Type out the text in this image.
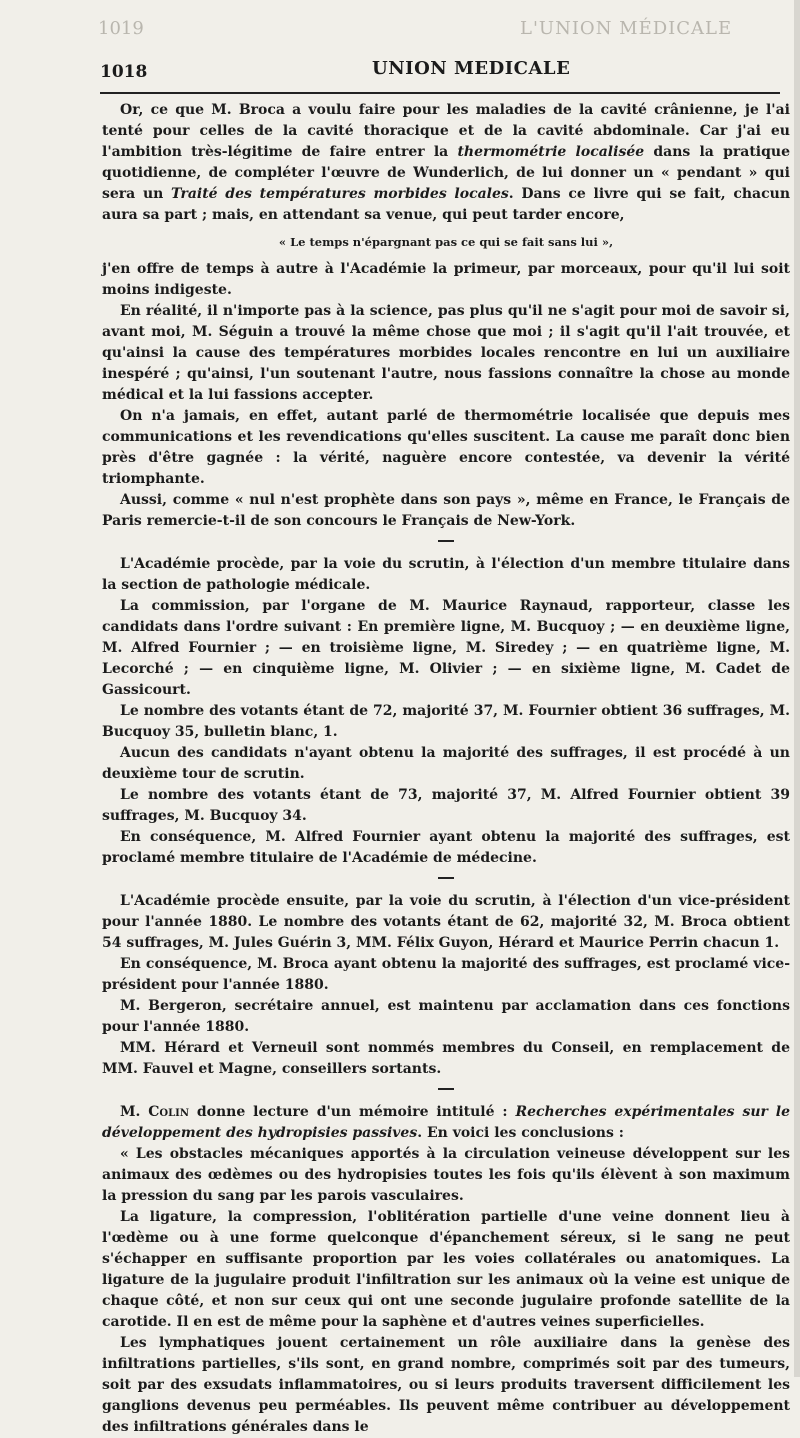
1019	L'UNION MÉDICALE
1018	UNION MEDICALE

Or, ce que M. Broca a voulu faire pour les maladies de la cavité crânienne, je l'ai tenté pour celles de la cavité thoracique et de la cavité abdominale. Car j'ai eu l'ambition très-légitime de faire entrer la thermométrie localisée dans la pratique quotidienne, de compléter l'œuvre de Wunderlich, de lui donner un « pendant » qui sera un Traité des températures morbides locales. Dans ce livre qui se fait, chacun aura sa part ; mais, en attendant sa venue, qui peut tarder encore,

« Le temps n'épargnant pas ce qui se fait sans lui »,

j'en offre de temps à autre à l'Académie la primeur, par morceaux, pour qu'il lui soit moins indigeste.

En réalité, il n'importe pas à la science, pas plus qu'il ne s'agit pour moi de savoir si, avant moi, M. Séguin a trouvé la même chose que moi ; il s'agit qu'il l'ait trouvée, et qu'ainsi la cause des températures morbides locales rencontre en lui un auxiliaire inespéré ; qu'ainsi, l'un soutenant l'autre, nous fassions connaître la chose au monde médical et la lui fassions accepter.

On n'a jamais, en effet, autant parlé de thermométrie localisée que depuis mes communications et les revendications qu'elles suscitent. La cause me paraît donc bien près d'être gagnée : la vérité, naguère encore contestée, va devenir la vérité triomphante.

Aussi, comme « nul n'est prophète dans son pays », même en France, le Français de Paris remercie-t-il de son concours le Français de New-York.

L'Académie procède, par la voie du scrutin, à l'élection d'un membre titulaire dans la section de pathologie médicale.

La commission, par l'organe de M. Maurice Raynaud, rapporteur, classe les candidats dans l'ordre suivant : En première ligne, M. Bucquoy ; — en deuxième ligne, M. Alfred Fournier ; — en troisième ligne, M. Siredey ; — en quatrième ligne, M. Lecorché ; — en cinquième ligne, M. Olivier ; — en sixième ligne, M. Cadet de Gassicourt.

Le nombre des votants étant de 72, majorité 37, M. Fournier obtient 36 suffrages, M. Bucquoy 35, bulletin blanc, 1.

Aucun des candidats n'ayant obtenu la majorité des suffrages, il est procédé à un deuxième tour de scrutin.

Le nombre des votants étant de 73, majorité 37, M. Alfred Fournier obtient 39 suffrages, M. Bucquoy 34.

En conséquence, M. Alfred Fournier ayant obtenu la majorité des suffrages, est proclamé membre titulaire de l'Académie de médecine.

L'Académie procède ensuite, par la voie du scrutin, à l'élection d'un vice-président pour l'année 1880. Le nombre des votants étant de 62, majorité 32, M. Broca obtient 54 suffrages, M. Jules Guérin 3, MM. Félix Guyon, Hérard et Maurice Perrin chacun 1.

En conséquence, M. Broca ayant obtenu la majorité des suffrages, est proclamé vice-président pour l'année 1880.

M. Bergeron, secrétaire annuel, est maintenu par acclamation dans ces fonctions pour l'année 1880.

MM. Hérard et Verneuil sont nommés membres du Conseil, en remplacement de MM. Fauvel et Magne, conseillers sortants.

M. Colin donne lecture d'un mémoire intitulé : Recherches expérimentales sur le développement des hydropisies passives. En voici les conclusions :

« Les obstacles mécaniques apportés à la circulation veineuse développent sur les animaux des œdèmes ou des hydropisies toutes les fois qu'ils élèvent à son maximum la pression du sang par les parois vasculaires.

La ligature, la compression, l'oblitération partielle d'une veine donnent lieu à l'œdème ou à une forme quelconque d'épanchement séreux, si le sang ne peut s'échapper en suffisante proportion par les voies collatérales ou anatomiques. La ligature de la jugulaire produit l'infiltration sur les animaux où la veine est unique de chaque côté, et non sur ceux qui ont une seconde jugulaire profonde satellite de la carotide. Il en est de même pour la saphène et d'autres veines superficielles.

Les lymphatiques jouent certainement un rôle auxiliaire dans la genèse des infiltrations partielles, s'ils sont, en grand nombre, comprimés soit par des tumeurs, soit par des exsudats inflammatoires, ou si leurs produits traversent difficilement les ganglions devenus peu perméables. Ils peuvent même contribuer au développement des infiltrations générales dans le
